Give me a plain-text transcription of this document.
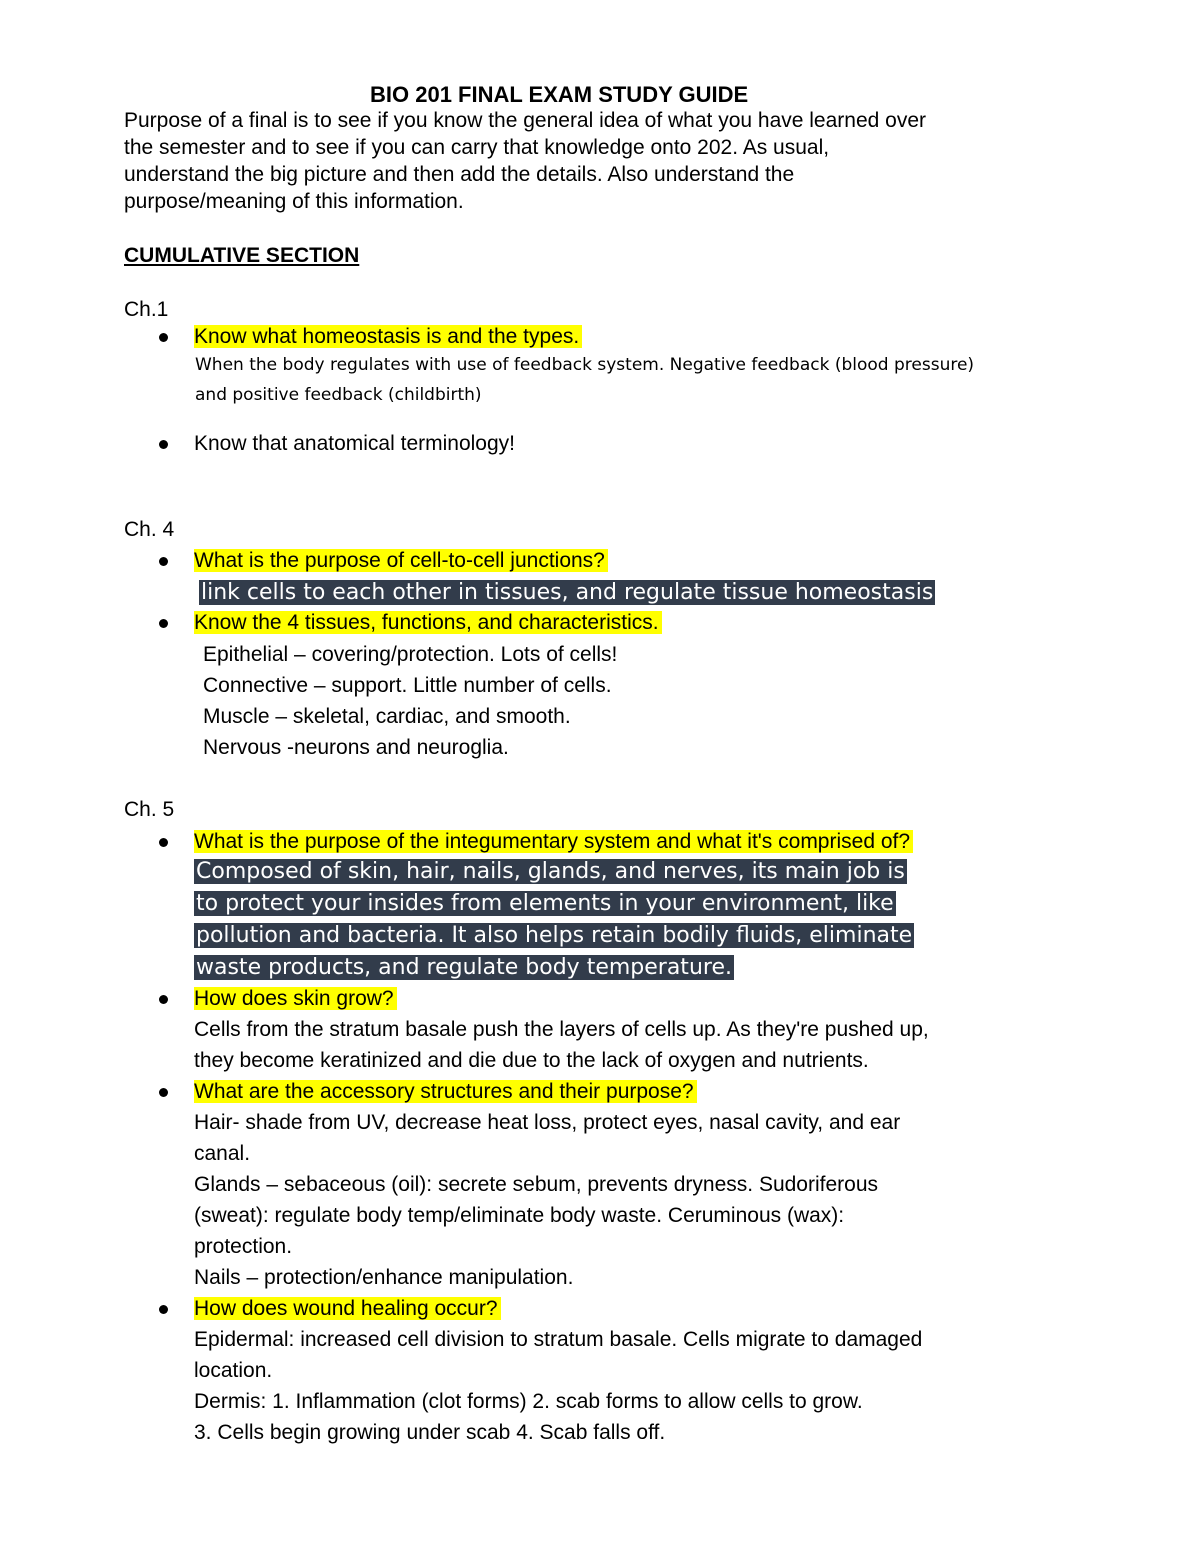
BIO 201 FINAL EXAM STUDY GUIDE
Purpose of a final is to see if you know the general idea of what you have learned over
the semester and to see if you can carry that knowledge onto 202. As usual,
understand the big picture and then add the details. Also understand the
purpose/meaning of this information.
CUMULATIVE SECTION
Ch.1
Know what homeostasis is and the types.
When the body regulates with use of feedback system. Negative feedback (blood pressure)
and positive feedback (childbirth)
Know that anatomical terminology!
Ch. 4
What is the purpose of cell-to-cell junctions?
link cells to each other in tissues, and regulate tissue homeostasis
Know the 4 tissues, functions, and characteristics.
Epithelial – covering/protection. Lots of cells!
Connective – support. Little number of cells.
Muscle – skeletal, cardiac, and smooth.
Nervous -neurons and neuroglia.
Ch. 5
What is the purpose of the integumentary system and what it's comprised of?
Composed of skin, hair, nails, glands, and nerves, its main job is
to protect your insides from elements in your environment, like
pollution and bacteria. It also helps retain bodily fluids, eliminate
waste products, and regulate body temperature.
How does skin grow?
Cells from the stratum basale push the layers of cells up. As they're pushed up,
they become keratinized and die due to the lack of oxygen and nutrients.
What are the accessory structures and their purpose?
Hair- shade from UV, decrease heat loss, protect eyes, nasal cavity, and ear
canal.
Glands – sebaceous (oil): secrete sebum, prevents dryness. Sudoriferous
(sweat): regulate body temp/eliminate body waste. Ceruminous (wax):
protection.
Nails – protection/enhance manipulation.
How does wound healing occur?
Epidermal: increased cell division to stratum basale. Cells migrate to damaged
location.
Dermis: 1. Inflammation (clot forms) 2. scab forms to allow cells to grow.
3. Cells begin growing under scab 4. Scab falls off.
